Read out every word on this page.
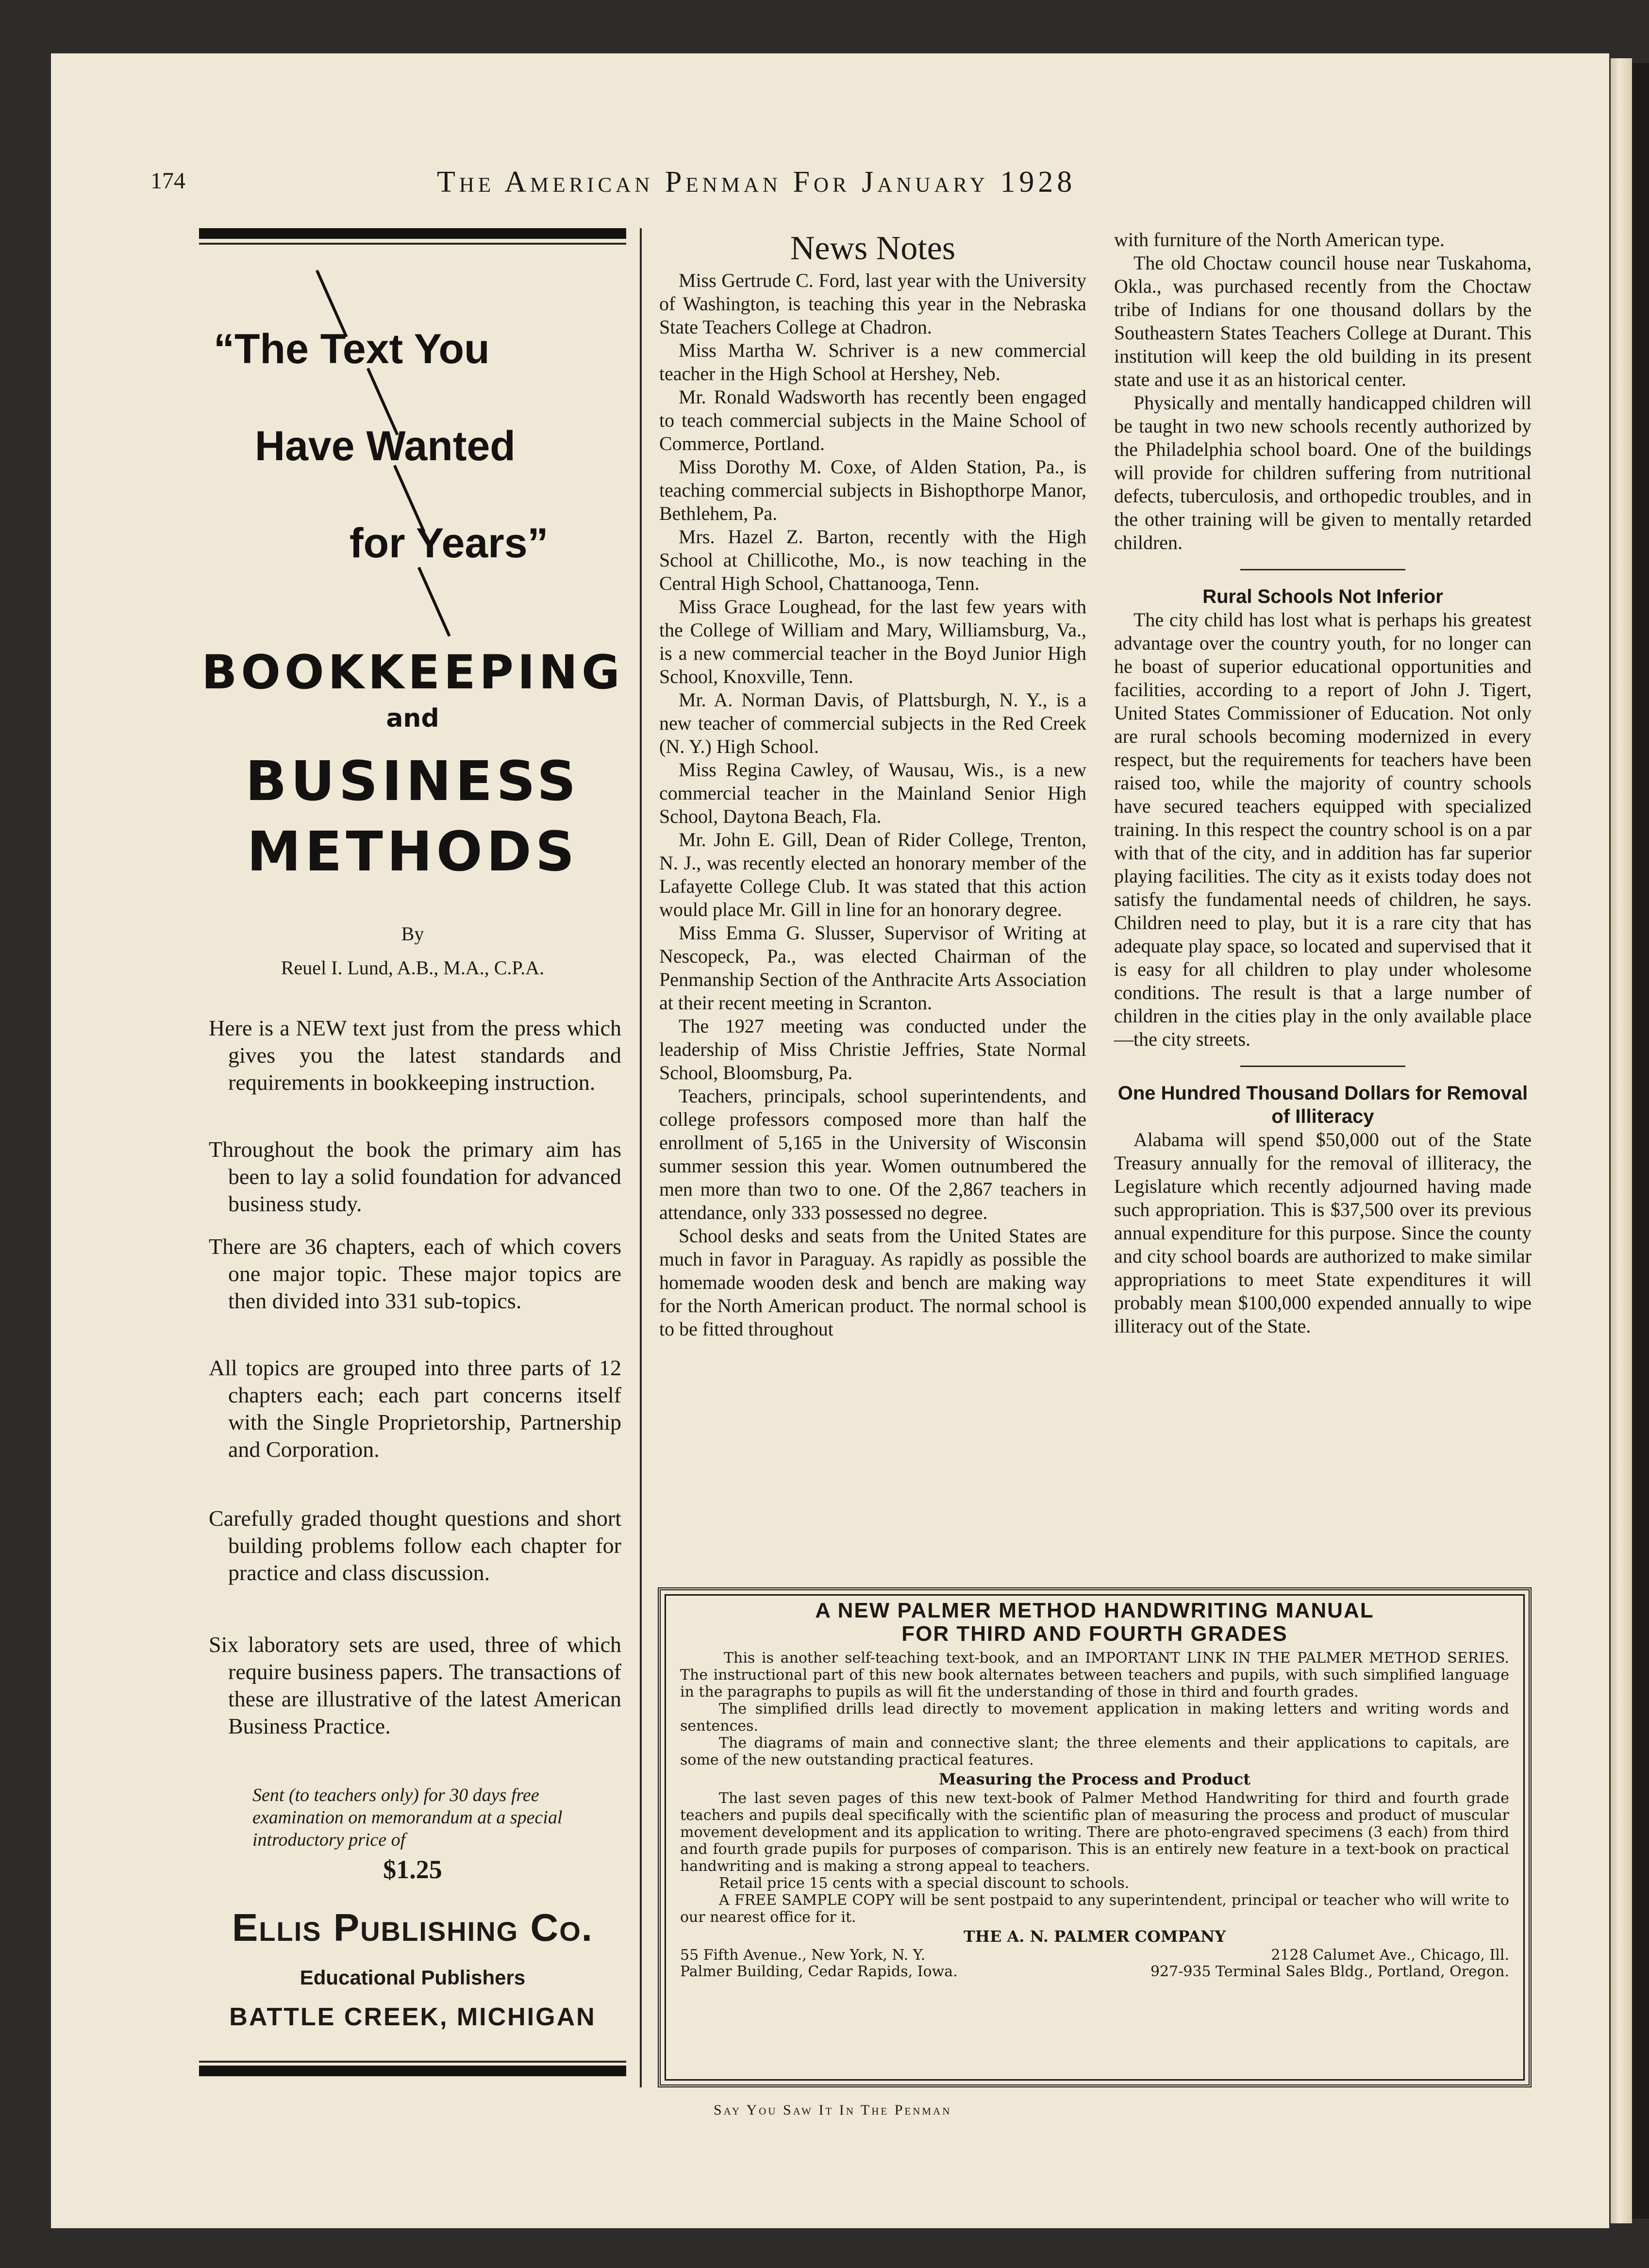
174	The American Penman For January 1928
“The Text You
Have Wanted
for Years”
BOOKKEEPING
and
BUSINESS
METHODS
By
Reuel I. Lund, A.B., M.A., C.P.A.
Here is a NEW text just from the press which gives you the latest standards and requirements in bookkeeping instruction.
Throughout the book the primary aim has been to lay a solid foundation for advanced business study.
There are 36 chapters, each of which covers one major topic. These major topics are then divided into 331 sub-topics.
All topics are grouped into three parts of 12 chapters each; each part concerns itself with the Single Proprietorship, Partnership and Corporation.
Carefully graded thought questions and short building problems follow each chapter for practice and class discussion.
Six laboratory sets are used, three of which require business papers. The transactions of these are illustrative of the latest American Business Practice.
Sent (to teachers only) for 30 days free examination on memorandum at a special introductory price of
$1.25
Ellis Publishing Co.
Educational Publishers
BATTLE CREEK, MICHIGAN
News Notes

Miss Gertrude C. Ford, last year with the University of Washington, is teaching this year in the Nebraska State Teachers College at Chadron.

Miss Martha W. Schriver is a new commercial teacher in the High School at Hershey, Neb.

Mr. Ronald Wadsworth has recently been engaged to teach commercial subjects in the Maine School of Commerce, Portland.

Miss Dorothy M. Coxe, of Alden Station, Pa., is teaching commercial subjects in Bishopthorpe Manor, Bethlehem, Pa.

Mrs. Hazel Z. Barton, recently with the High School at Chillicothe, Mo., is now teaching in the Central High School, Chattanooga, Tenn.

Miss Grace Loughead, for the last few years with the College of William and Mary, Williamsburg, Va., is a new commercial teacher in the Boyd Junior High School, Knoxville, Tenn.

Mr. A. Norman Davis, of Plattsburgh, N. Y., is a new teacher of commercial subjects in the Red Creek (N. Y.) High School.

Miss Regina Cawley, of Wausau, Wis., is a new commercial teacher in the Mainland Senior High School, Daytona Beach, Fla.

Mr. John E. Gill, Dean of Rider College, Trenton, N. J., was recently elected an honorary member of the Lafayette College Club. It was stated that this action would place Mr. Gill in line for an honorary degree.

Miss Emma G. Slusser, Supervisor of Writing at Nescopeck, Pa., was elected Chairman of the Penmanship Section of the Anthracite Arts Association at their recent meeting in Scranton.

The 1927 meeting was conducted under the leadership of Miss Christie Jeffries, State Normal School, Bloomsburg, Pa.

Teachers, principals, school superintendents, and college professors composed more than half the enrollment of 5,165 in the University of Wisconsin summer session this year. Women outnumbered the men more than two to one. Of the 2,867 teachers in attendance, only 333 possessed no degree.

School desks and seats from the United States are much in favor in Paraguay. As rapidly as possible the homemade wooden desk and bench are making way for the North American product. The normal school is to be fitted throughout

with furniture of the North American type.

The old Choctaw council house near Tuskahoma, Okla., was purchased recently from the Choctaw tribe of Indians for one thousand dollars by the Southeastern States Teachers College at Durant. This institution will keep the old building in its present state and use it as an historical center.

Physically and mentally handicapped children will be taught in two new schools recently authorized by the Philadelphia school board. One of the buildings will provide for children suffering from nutritional defects, tuberculosis, and orthopedic troubles, and in the other training will be given to mentally retarded children.

Rural Schools Not Inferior

The city child has lost what is perhaps his greatest advantage over the country youth, for no longer can he boast of superior educational opportunities and facilities, according to a report of John J. Tigert, United States Commissioner of Education. Not only are rural schools becoming modernized in every respect, but the requirements for teachers have been raised too, while the majority of country schools have secured teachers equipped with specialized training. In this respect the country school is on a par with that of the city, and in addition has far superior playing facilities. The city as it exists today does not satisfy the fundamental needs of children, he says. Children need to play, but it is a rare city that has adequate play space, so located and supervised that it is easy for all children to play under wholesome conditions. The result is that a large number of children in the cities play in the only available place—the city streets.

One Hundred Thousand Dollars for Removal of Illiteracy

Alabama will spend $50,000 out of the State Treasury annually for the removal of illiteracy, the Legislature which recently adjourned having made such appropriation. This is $37,500 over its previous annual expenditure for this purpose. Since the county and city school boards are authorized to make similar appropriations to meet State expenditures it will probably mean $100,000 expended annually to wipe illiteracy out of the State.

A NEW PALMER METHOD HANDWRITING MANUAL
FOR THIRD AND FOURTH GRADES

This is another self-teaching text-book, and an IMPORTANT LINK IN THE PALMER METHOD SERIES. The instructional part of this new book alternates between teachers and pupils, with such simplified language in the paragraphs to pupils as will fit the understanding of those in third and fourth grades.

The simplified drills lead directly to movement application in making letters and writing words and sentences.

The diagrams of main and connective slant; the three elements and their applications to capitals, are some of the new outstanding practical features.

Measuring the Process and Product

The last seven pages of this new text-book of Palmer Method Handwriting for third and fourth grade teachers and pupils deal specifically with the scientific plan of measuring the process and product of muscular movement development and its application to writing. There are photo-engraved specimens (3 each) from third and fourth grade pupils for purposes of comparison. This is an entirely new feature in a text-book on practical handwriting and is making a strong appeal to teachers.

Retail price 15 cents with a special discount to schools.

A FREE SAMPLE COPY will be sent postpaid to any superintendent, principal or teacher who will write to our nearest office for it.

THE A. N. PALMER COMPANY
55 Fifth Avenue., New York, N. Y.	2128 Calumet Ave., Chicago, Ill.
Palmer Building, Cedar Rapids, Iowa.	927-935 Terminal Sales Bldg., Portland, Oregon.
Say You Saw It In The Penman
